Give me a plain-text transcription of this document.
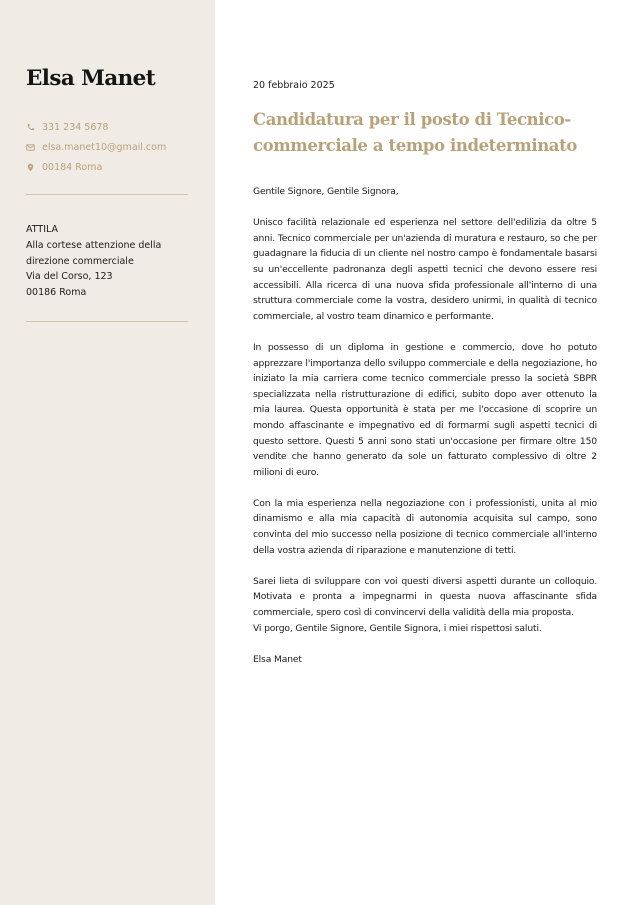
Elsa Manet
331 234 5678
elsa.manet10@gmail.com
00184 Roma
ATTILA
Alla cortese attenzione della
direzione commerciale
Via del Corso, 123
00186 Roma
20 febbraio 2025
Candidatura per il posto di Tecnico-commerciale a tempo indeterminato

Gentile Signore, Gentile Signora,

Unisco facilità relazionale ed esperienza nel settore dell'edilizia da oltre 5 anni. Tecnico commerciale per un'azienda di muratura e restauro, so che per guadagnare la fiducia di un cliente nel nostro campo è fondamentale basarsi su un'eccellente padronanza degli aspetti tecnici che devono essere resi accessibili. Alla ricerca di una nuova sfida professionale all'interno di una struttura commerciale come la vostra, desidero unirmi, in qualità di tecnico commerciale, al vostro team dinamico e performante.

In possesso di un diploma in gestione e commercio, dove ho potuto apprezzare l'importanza dello sviluppo commerciale e della negoziazione, ho iniziato la mia carriera come tecnico commerciale presso la società SBPR specializzata nella ristrutturazione di edifici, subito dopo aver ottenuto la mia laurea. Questa opportunità è stata per me l'occasione di scoprire un mondo affascinante e impegnativo ed di formarmi sugli aspetti tecnici di questo settore. Questi 5 anni sono stati un'occasione per firmare oltre 150 vendite che hanno generato da sole un fatturato complessivo di oltre 2 milioni di euro.

Con la mia esperienza nella negoziazione con i professionisti, unita al mio dinamismo e alla mia capacità di autonomia acquisita sul campo, sono convinta del mio successo nella posizione di tecnico commerciale all'interno della vostra azienda di riparazione e manutenzione di tetti.

Sarei lieta di sviluppare con voi questi diversi aspetti durante un colloquio. Motivata e pronta a impegnarmi in questa nuova affascinante sfida commerciale, spero così di convincervi della validità della mia proposta.

Vi porgo, Gentile Signore, Gentile Signora, i miei rispettosi saluti.

Elsa Manet
